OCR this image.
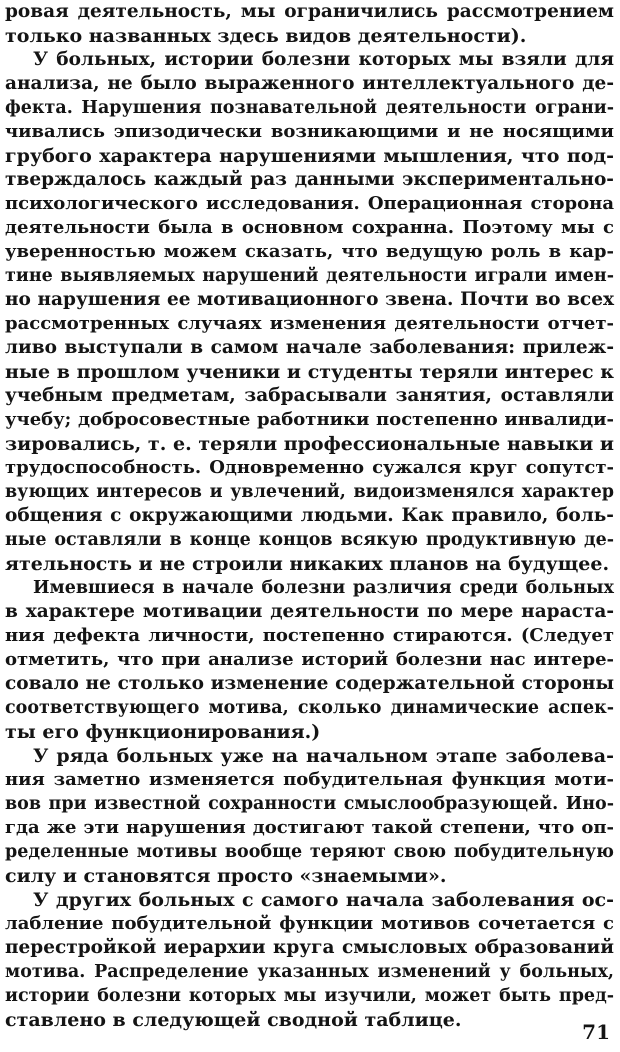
ровая деятельность, мы ограничились рассмотрением
только названных здесь видов деятельности).
У больных, истории болезни которых мы взяли для
анализа, не было выраженного интеллектуального де-
фекта. Нарушения познавательной деятельности ограни-
чивались эпизодически возникающими и не носящими
грубого характера нарушениями мышления, что под-
тверждалось каждый раз данными экспериментально-
психологического исследования. Операционная сторона
деятельности была в основном сохранна. Поэтому мы с
уверенностью можем сказать, что ведущую роль в кар-
тине выявляемых нарушений деятельности играли имен-
но нарушения ее мотивационного звена. Почти во всех
рассмотренных случаях изменения деятельности отчет-
ливо выступали в самом начале заболевания: прилеж-
ные в прошлом ученики и студенты теряли интерес к
учебным предметам, забрасывали занятия, оставляли
учебу; добросовестные работники постепенно инвалиди-
зировались, т. е. теряли профессиональные навыки и
трудоспособность. Одновременно сужался круг сопутст-
вующих интересов и увлечений, видоизменялся характер
общения с окружающими людьми. Как правило, боль-
ные оставляли в конце концов всякую продуктивную де-
ятельность и не строили никаких планов на будущее.
Имевшиеся в начале болезни различия среди больных
в характере мотивации деятельности по мере нараста-
ния дефекта личности, постепенно стираются. (Следует
отметить, что при анализе историй болезни нас интере-
совало не столько изменение содержательной стороны
соответствующего мотива, сколько динамические аспек-
ты его функционирования.)
У ряда больных уже на начальном этапе заболева-
ния заметно изменяется побудительная функция моти-
вов при известной сохранности смыслообразующей. Ино-
гда же эти нарушения достигают такой степени, что оп-
ределенные мотивы вообще теряют свою побудительную
силу и становятся просто «знаемыми».
У других больных с самого начала заболевания ос-
лабление побудительной функции мотивов сочетается с
перестройкой иерархии круга смысловых образований
мотива. Распределение указанных изменений у больных,
истории болезни которых мы изучили, может быть пред-
ставлено в следующей сводной таблице.	71
